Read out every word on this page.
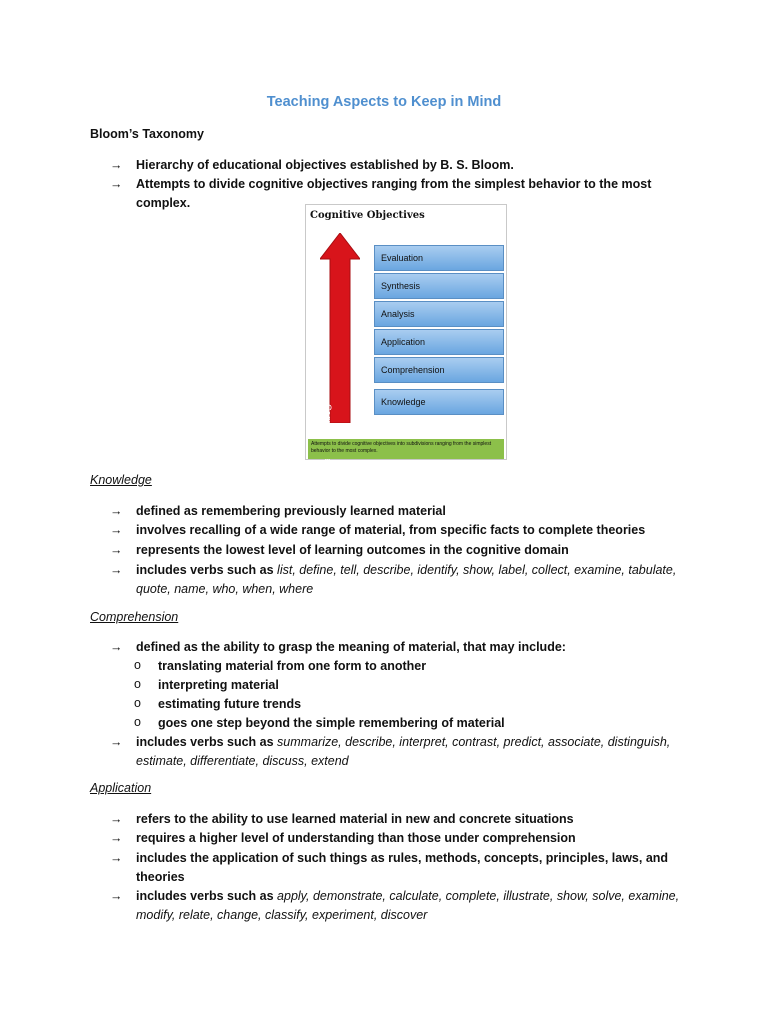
Teaching Aspects to Keep in Mind
Bloom’s Taxonomy
→ Hierarchy of educational objectives established by B. S. Bloom.
→ Attempts to divide cognitive objectives ranging from the simplest behavior to the most complex.
Cognitive Objectives
Evaluation
Synthesis
Analysis
Application
Comprehension
Knowledge
Attempts to divide cognitive objectives into subdivisions ranging from the simplest behavior to the most complex.
Knowledge
→ defined as remembering previously learned material
→ involves recalling of a wide range of material, from specific facts to complete theories
→ represents the lowest level of learning outcomes in the cognitive domain
→ includes verbs such as list, define, tell, describe, identify, show, label, collect, examine, tabulate, quote, name, who, when, where
Comprehension
→ defined as the ability to grasp the meaning of material, that may include:
o translating material from one form to another
o interpreting material
o estimating future trends
o goes one step beyond the simple remembering of material
→ includes verbs such as summarize, describe, interpret, contrast, predict, associate, distinguish, estimate, differentiate, discuss, extend
Application
→ refers to the ability to use learned material in new and concrete situations
→ requires a higher level of understanding than those under comprehension
→ includes the application of such things as rules, methods, concepts, principles, laws, and theories
→ includes verbs such as apply, demonstrate, calculate, complete, illustrate, show, solve, examine, modify, relate, change, classify, experiment, discover
